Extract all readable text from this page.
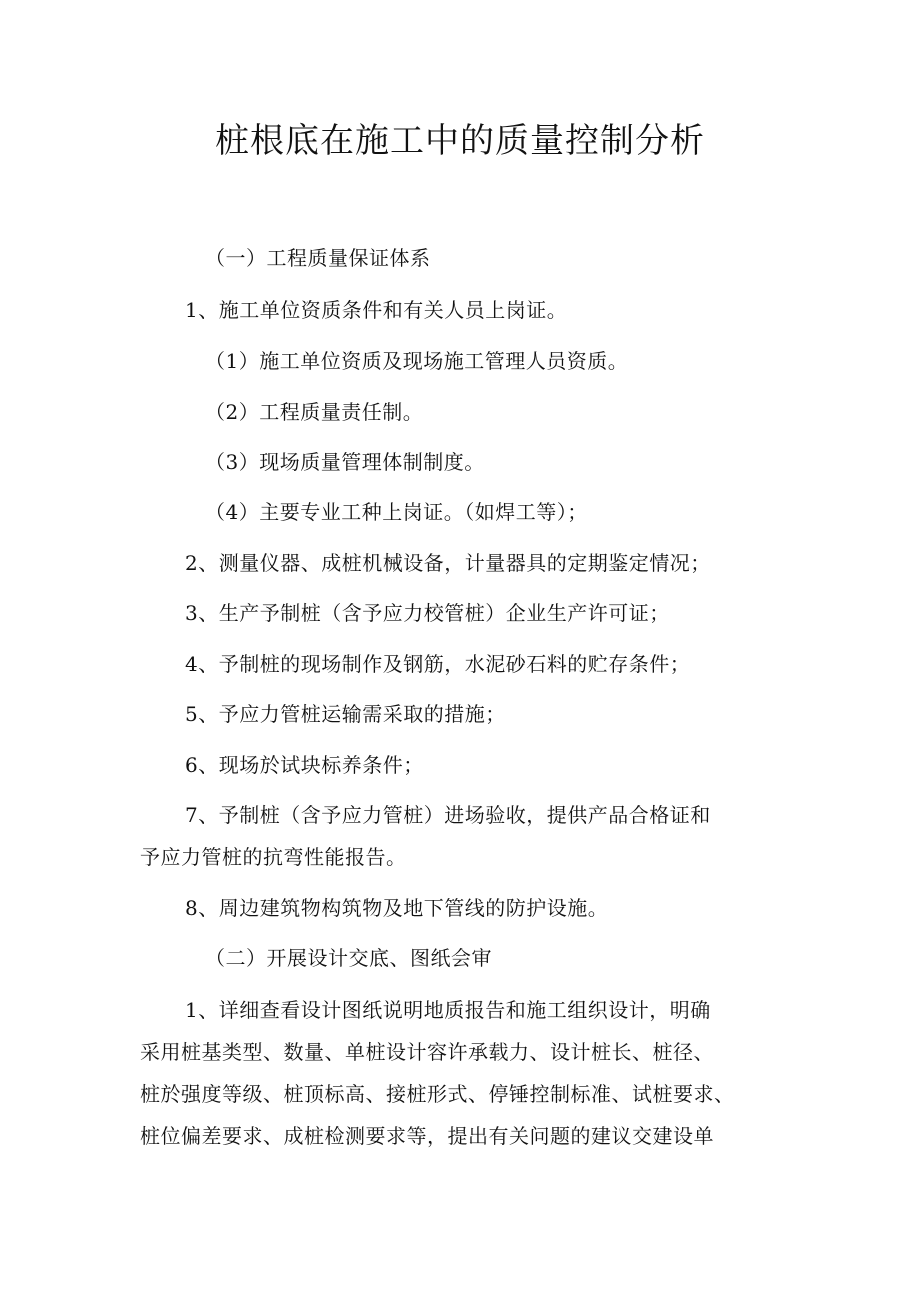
桩根底在施工中的质量控制分析
（一）工程质量保证体系
1、施工单位资质条件和有关人员上岗证。
（1）施工单位资质及现场施工管理人员资质。
（2）工程质量责任制。
（3）现场质量管理体制制度。
（4）主要专业工种上岗证。（如焊工等）；
2、测量仪器、成桩机械设备，计量器具的定期鉴定情况；
3、生产予制桩（含予应力校管桩）企业生产许可证；
4、予制桩的现场制作及钢筋，水泥砂石料的贮存条件；
5、予应力管桩运输需采取的措施；
6、现场於试块标养条件；
7、予制桩（含予应力管桩）进场验收，提供产品合格证和
予应力管桩的抗弯性能报告。
8、周边建筑物构筑物及地下管线的防护设施。
（二）开展设计交底、图纸会审
1、详细查看设计图纸说明地质报告和施工组织设计，明确
采用桩基类型、数量、单桩设计容许承载力、设计桩长、桩径、
桩於强度等级、桩顶标高、接桩形式、停锤控制标准、试桩要求、
桩位偏差要求、成桩检测要求等，提出有关问题的建议交建设单
